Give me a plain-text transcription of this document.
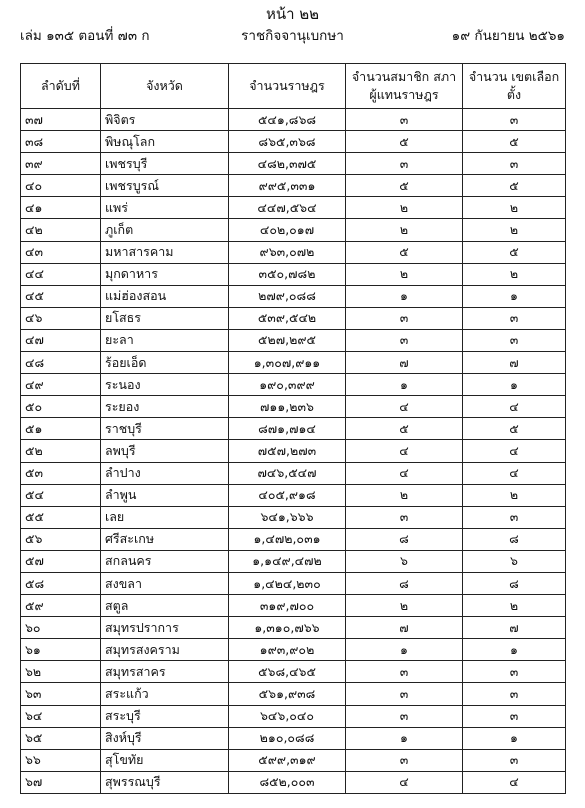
หน้า ๒๒
ราชกิจจานุเบกษา
เล่ม ๑๓๕ ตอนที่ ๗๓ ก	๑๙ กันยายน ๒๕๖๑
ลำดับที่	จังหวัด	จำนวนราษฎร	จำนวนสมาชิก สภาผู้แทนราษฎร	จำนวน เขตเลือกตั้ง
๓๗	พิจิตร	๕๔๑,๘๖๘	๓	๓
๓๘	พิษณุโลก	๘๖๕,๓๖๘	๕	๕
๓๙	เพชรบุรี	๔๘๒,๓๗๕	๓	๓
๔๐	เพชรบูรณ์	๙๙๕,๓๓๑	๕	๕
๔๑	แพร่	๔๔๗,๕๖๔	๒	๒
๔๒	ภูเก็ต	๔๐๒,๐๑๗	๒	๒
๔๓	มหาสารคาม	๙๖๓,๐๗๒	๕	๕
๔๔	มุกดาหาร	๓๕๐,๗๘๒	๒	๒
๔๕	แม่ฮ่องสอน	๒๗๙,๐๘๘	๑	๑
๔๖	ยโสธร	๕๓๙,๕๔๒	๓	๓
๔๗	ยะลา	๕๒๗,๒๙๕	๓	๓
๔๘	ร้อยเอ็ด	๑,๓๐๗,๙๑๑	๗	๗
๔๙	ระนอง	๑๙๐,๓๙๙	๑	๑
๕๐	ระยอง	๗๑๑,๒๓๖	๔	๔
๕๑	ราชบุรี	๘๗๑,๗๑๔	๕	๕
๕๒	ลพบุรี	๗๕๗,๒๗๓	๔	๔
๕๓	ลำปาง	๗๔๖,๕๔๗	๔	๔
๕๔	ลำพูน	๔๐๕,๙๑๘	๒	๒
๕๕	เลย	๖๔๑,๖๖๖	๓	๓
๕๖	ศรีสะเกษ	๑,๔๗๒,๐๓๑	๘	๘
๕๗	สกลนคร	๑,๑๔๙,๔๗๒	๖	๖
๕๘	สงขลา	๑,๔๒๔,๒๓๐	๘	๘
๕๙	สตูล	๓๑๙,๗๐๐	๒	๒
๖๐	สมุทรปราการ	๑,๓๑๐,๗๖๖	๗	๗
๖๑	สมุทรสงคราม	๑๙๓,๙๐๒	๑	๑
๖๒	สมุทรสาคร	๕๖๘,๔๖๕	๓	๓
๖๓	สระแก้ว	๕๖๑,๙๓๘	๓	๓
๖๔	สระบุรี	๖๔๖,๐๔๐	๓	๓
๖๕	สิงห์บุรี	๒๑๐,๐๘๘	๑	๑
๖๖	สุโขทัย	๕๙๙,๓๑๙	๓	๓
๖๗	สุพรรณบุรี	๘๕๒,๐๐๓	๔	๔
